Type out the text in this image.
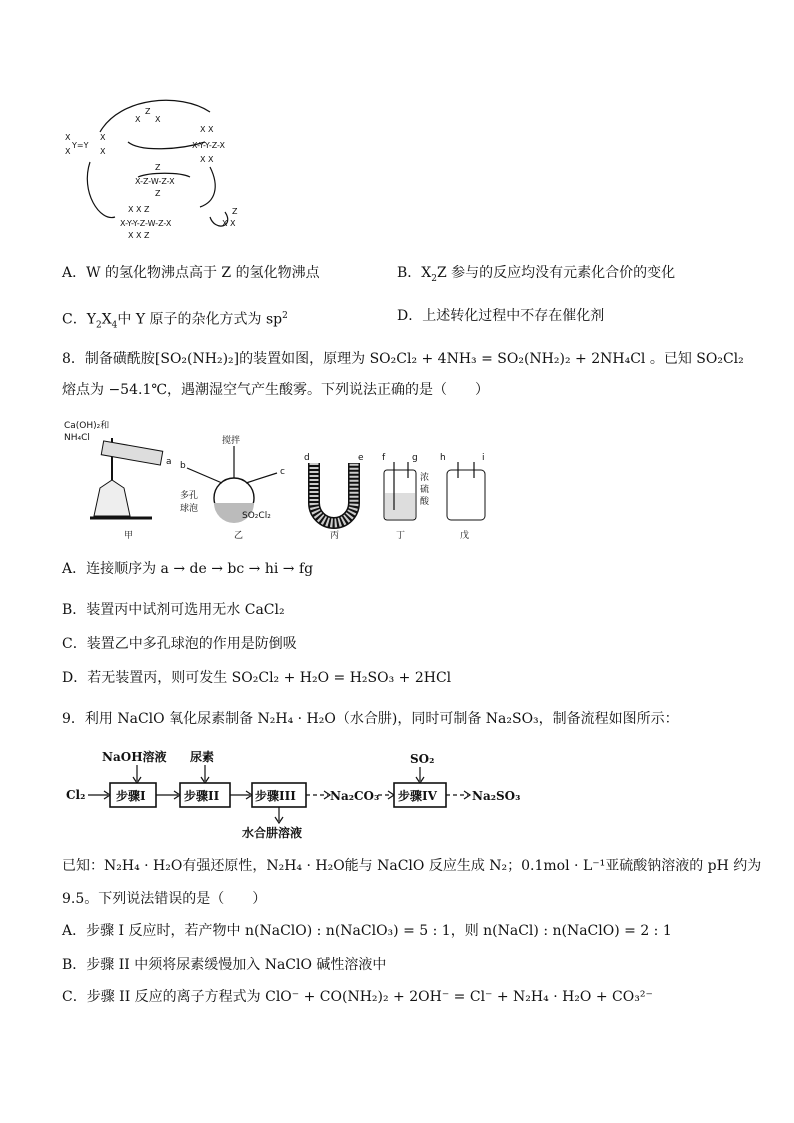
X
X
Y=Y
X
X
Z
X X
X X
X-Y-Y-Z-X
X X
Z
X-Z-W-Z-X
Z
X X Z
X-Y-Y-Z-W-Z-X
X X Z
Z
X X
A．W 的氢化物沸点高于 Z 的氢化物沸点	B．$X_2Z$ 参与的反应均没有元素化合价的变化
C．$Y_2X_4$中 Y 原子的杂化方式为 $sp^2$	D．上述转化过程中不存在催化剂
8．制备磺酰胺[SO₂(NH₂)₂]的装置如图，原理为 SO₂Cl₂ + 4NH₃ = SO₂(NH₂)₂ + 2NH₄Cl 。已知 SO₂Cl₂
熔点为 −54.1℃，遇潮湿空气产生酸雾。下列说法正确的是（　　）
Ca(OH)₂和
NH₄Cl
a
甲
搅拌
b
c
多孔
球泡
SO₂Cl₂
乙
d	e
丙
f	g
浓
硫
酸
丁
h	i
戊
A．连接顺序为 a → de → bc → hi → fg
B．装置丙中试剂可选用无水 CaCl₂
C．装置乙中多孔球泡的作用是防倒吸
D．若无装置丙，则可发生 SO₂Cl₂ + H₂O = H₂SO₃ + 2HCl
9．利用 NaClO 氧化尿素制备 N₂H₄ · H₂O（水合肼)，同时可制备 Na₂SO₃，制备流程如图所示：
NaOH溶液 尿素	SO₂
Cl₂	步骤I	步骤II	步骤III	Na₂CO₃ 步骤IV	Na₂SO₃
水合肼溶液
已知：N₂H₄ · H₂O有强还原性，N₂H₄ · H₂O能与 NaClO 反应生成 N₂；0.1mol · L⁻¹亚硫酸钠溶液的 pH 约为
9.5。下列说法错误的是（　　）
A．步骤 I 反应时，若产物中 n(NaClO) : n(NaClO₃) = 5 : 1，则 n(NaCl) : n(NaClO) = 2 : 1
B．步骤 II 中须将尿素缓慢加入 NaClO 碱性溶液中
C．步骤 II 反应的离子方程式为 ClO⁻ + CO(NH₂)₂ + 2OH⁻ = Cl⁻ + N₂H₄ · H₂O + CO₃²⁻
